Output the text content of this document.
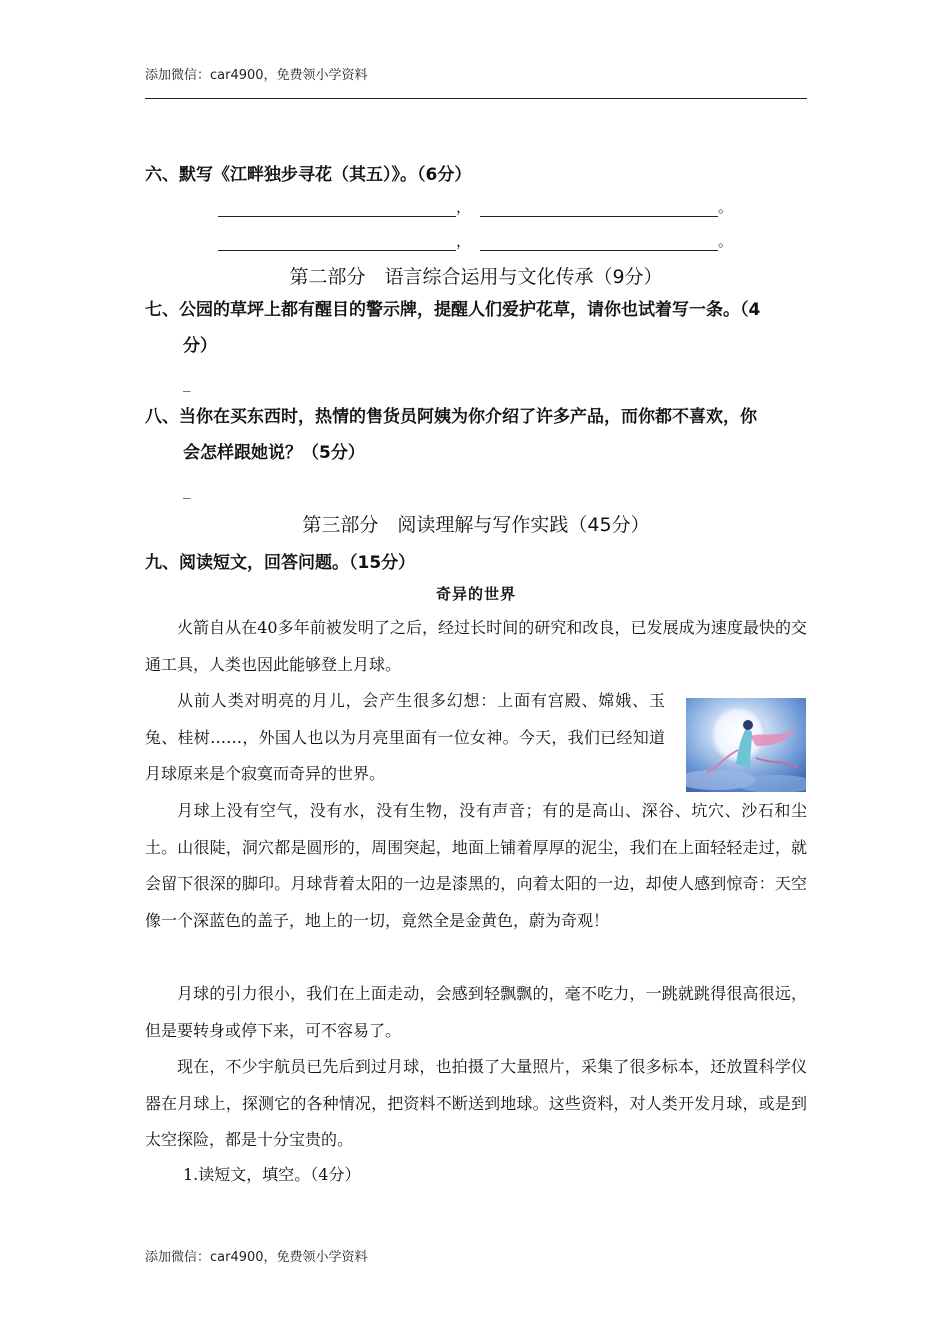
添加微信：car4900，免费领小学资料
六、默写《江畔独步寻花（其五）》。（6分）
，	。
，	。
第二部分　语言综合运用与文化传承（9分）
七、公园的草坪上都有醒目的警示牌，提醒人们爱护花草，请你也试着写一条。（4
分）
_
八、当你在买东西时，热情的售货员阿姨为你介绍了许多产品，而你都不喜欢，你
会怎样跟她说？（5分）
_
第三部分　阅读理解与写作实践（45分）
九、阅读短文，回答问题。（15分）
奇异的世界
火箭自从在40多年前被发明了之后，经过长时间的研究和改良，已发展成为速度最快的交通工具，人类也因此能够登上月球。
从前人类对明亮的月儿，会产生很多幻想：上面有宫殿、嫦娥、玉兔、桂树……，外国人也以为月亮里面有一位女神。今天，我们已经知道月球原来是个寂寞而奇异的世界。
月球上没有空气，没有水，没有生物，没有声音；有的是高山、深谷、坑穴、沙石和尘土。山很陡，洞穴都是圆形的，周围突起，地面上铺着厚厚的泥尘，我们在上面轻轻走过，就会留下很深的脚印。月球背着太阳的一边是漆黑的，向着太阳的一边，却使人感到惊奇：天空像一个深蓝色的盖子，地上的一切，竟然全是金黄色，蔚为奇观！
月球的引力很小，我们在上面走动，会感到轻飘飘的，毫不吃力，一跳就跳得很高很远，但是要转身或停下来，可不容易了。
现在，不少宇航员已先后到过月球，也拍摄了大量照片，采集了很多标本，还放置科学仪器在月球上，探测它的各种情况，把资料不断送到地球。这些资料，对人类开发月球，或是到太空探险，都是十分宝贵的。
1.读短文，填空。（4分）
添加微信：car4900，免费领小学资料
